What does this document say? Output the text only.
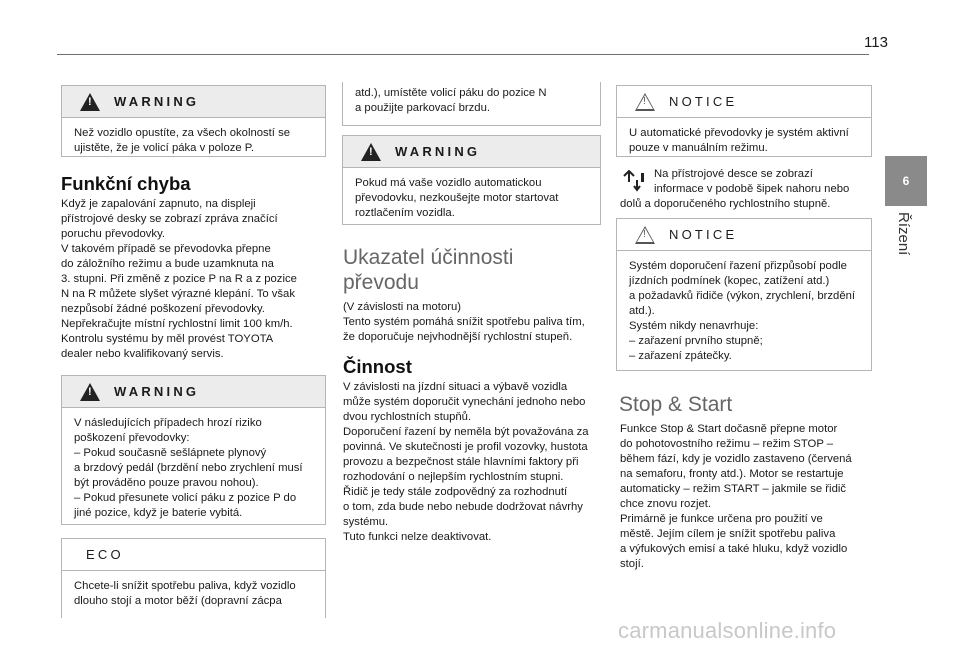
113
6
Řízení
!
WARNING
Než vozidlo opustíte, za všech okolností se ujistěte, že je volicí páka v poloze P.
Funkční chyba
Když je zapalování zapnuto, na displeji
přístrojové desky se zobrazí zpráva značící
poruchu převodovky.
V takovém případě se převodovka přepne
do záložního režimu a bude uzamknuta na
3. stupni. Při změně z pozice P na R a z pozice
N na R můžete slyšet výrazné klepání. To však
nezpůsobí žádné poškození převodovky.
Nepřekračujte místní rychlostní limit 100 km/h.
Kontrolu systému by měl provést TOYOTA
dealer nebo kvalifikovaný servis.
!
WARNING
V následujících případech hrozí riziko
poškození převodovky:
– Pokud současně sešlápnete plynový
a brzdový pedál (brzdění nebo zrychlení musí
být prováděno pouze pravou nohou).
– Pokud přesunete volicí páku z pozice P do
jiné pozice, když je baterie vybitá.
ECO
Chcete-li snížit spotřebu paliva, když vozidlo
dlouho stojí a motor běží (dopravní zácpa
atd.), umístěte volicí páku do pozice N
a použijte parkovací brzdu.
!
WARNING
Pokud má vaše vozidlo automatickou
převodovku, nezkoušejte motor startovat
roztlačením vozidla.
Ukazatel účinnosti
převodu
(V závislosti na motoru)
Tento systém pomáhá snížit spotřebu paliva tím,
že doporučuje nejvhodnější rychlostní stupeň.
Činnost
V závislosti na jízdní situaci a výbavě vozidla
může systém doporučit vynechání jednoho nebo
dvou rychlostních stupňů.
Doporučení řazení by neměla být považována za
povinná. Ve skutečnosti je profil vozovky, hustota
provozu a bezpečnost stále hlavními faktory při
rozhodování o nejlepším rychlostním stupni.
Řidič je tedy stále zodpovědný za rozhodnutí
o tom, zda bude nebo nebude dodržovat návrhy
systému.
Tuto funkci nelze deaktivovat.
! NOTICE
U automatické převodovky je systém aktivní
pouze v manuálním režimu.
Na přístrojové desce se zobrazí
informace v podobě šipek nahoru nebo
dolů a doporučeného rychlostního stupně.
! NOTICE
Systém doporučení řazení přizpůsobí podle
jízdních podmínek (kopec, zatížení atd.)
a požadavků řidiče (výkon, zrychlení, brzdění
atd.).
Systém nikdy nenavrhuje:
– zařazení prvního stupně;
– zařazení zpátečky.
Stop & Start
Funkce Stop & Start dočasně přepne motor
do pohotovostního režimu – režim STOP –
během fází, kdy je vozidlo zastaveno (červená
na semaforu, fronty atd.). Motor se restartuje
automaticky – režim START – jakmile se řidič
chce znovu rozjet.
Primárně je funkce určena pro použití ve
městě. Jejím cílem je snížit spotřebu paliva
a výfukových emisí a také hluku, když vozidlo
stojí.
carmanualsonline.info
